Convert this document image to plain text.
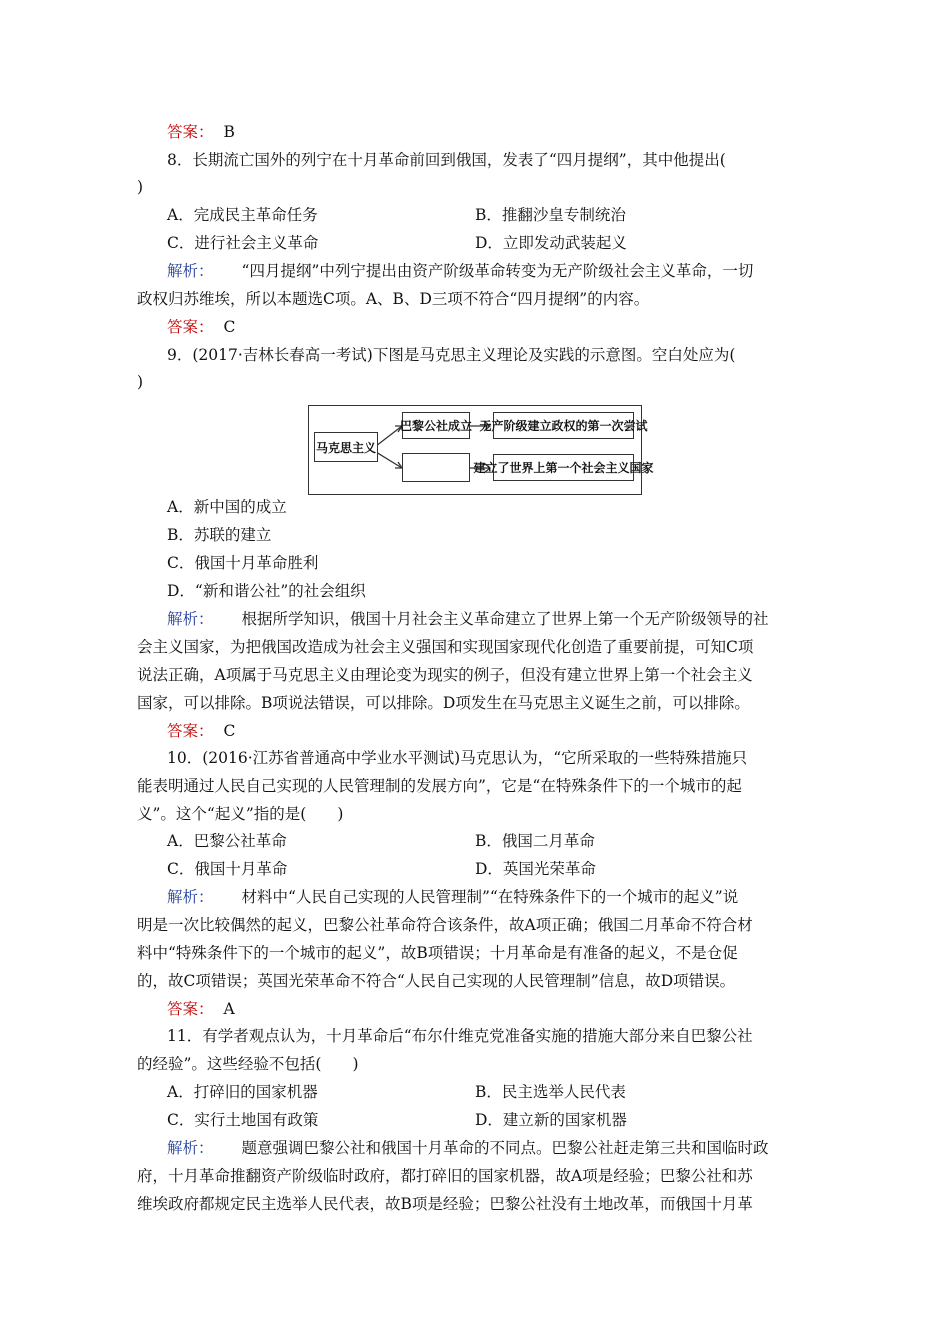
答案： B
8．长期流亡国外的列宁在十月革命前回到俄国，发表了“四月提纲”，其中他提出(
)
A．完成民主革命任务	B．推翻沙皇专制统治
C．进行社会主义革命	D．立即发动武装起义
解析： “四月提纲”中列宁提出由资产阶级革命转变为无产阶级社会主义革命，一切
政权归苏维埃，所以本题选C项。A、B、D三项不符合“四月提纲”的内容。
答案： C
9．(2017·吉林长春高一考试)下图是马克思主义理论及实践的示意图。空白处应为(
)
马克思主义
巴黎公社成立 无产阶级建立政权的第一次尝试
建立了世界上第一个社会主义国家
A．新中国的成立
B．苏联的建立
C．俄国十月革命胜利
D．“新和谐公社”的社会组织
解析： 根据所学知识，俄国十月社会主义革命建立了世界上第一个无产阶级领导的社
会主义国家，为把俄国改造成为社会主义强国和实现国家现代化创造了重要前提，可知C项
说法正确，A项属于马克思主义由理论变为现实的例子，但没有建立世界上第一个社会主义
国家，可以排除。B项说法错误，可以排除。D项发生在马克思主义诞生之前，可以排除。
答案： C
10．(2016·江苏省普通高中学业水平测试)马克思认为，“它所采取的一些特殊措施只
能表明通过人民自己实现的人民管理制的发展方向”，它是“在特殊条件下的一个城市的起
义”。这个“起义”指的是(　　)
A．巴黎公社革命	B．俄国二月革命
C．俄国十月革命	D．英国光荣革命
解析： 材料中“人民自己实现的人民管理制”“在特殊条件下的一个城市的起义”说
明是一次比较偶然的起义，巴黎公社革命符合该条件，故A项正确；俄国二月革命不符合材
料中“特殊条件下的一个城市的起义”，故B项错误；十月革命是有准备的起义，不是仓促
的，故C项错误；英国光荣革命不符合“人民自己实现的人民管理制”信息，故D项错误。
答案： A
11．有学者观点认为，十月革命后“布尔什维克党准备实施的措施大部分来自巴黎公社
的经验”。这些经验不包括(　　)
A．打碎旧的国家机器	B．民主选举人民代表
C．实行土地国有政策	D．建立新的国家机器
解析： 题意强调巴黎公社和俄国十月革命的不同点。巴黎公社赶走第三共和国临时政
府，十月革命推翻资产阶级临时政府，都打碎旧的国家机器，故A项是经验；巴黎公社和苏
维埃政府都规定民主选举人民代表，故B项是经验；巴黎公社没有土地改革，而俄国十月革
